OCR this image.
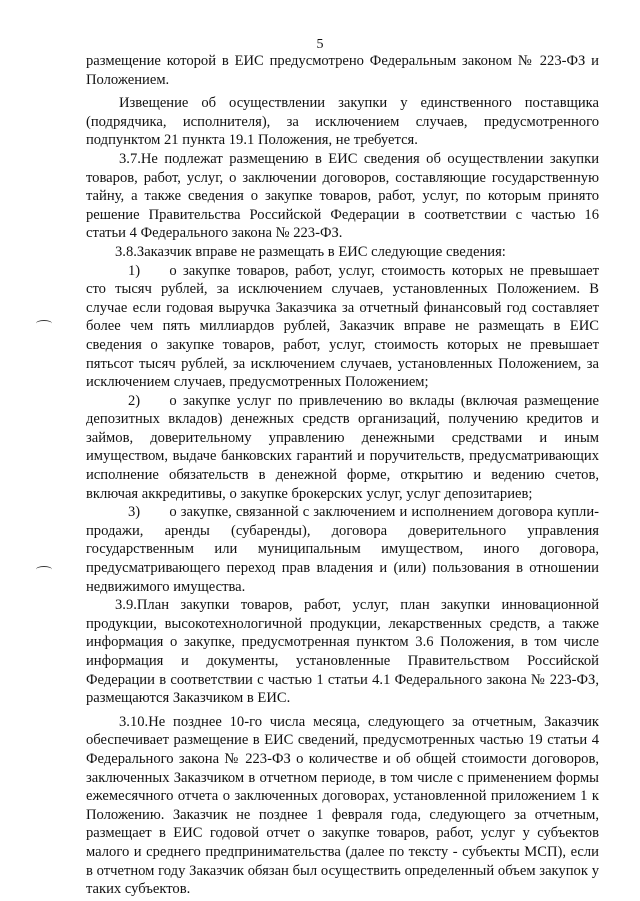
5

размещение которой в ЕИС предусмотрено Федеральным законом № 223-ФЗ и Положением.

Извещение об осуществлении закупки у единственного поставщика (подрядчика, исполнителя), за исключением случаев, предусмотренного подпунктом 21 пункта 19.1 Положения, не требуется.

3.7.Не подлежат размещению в ЕИС сведения об осуществлении закупки товаров, работ, услуг, о заключении договоров, составляющие государственную тайну, а также сведения о закупке товаров, работ, услуг, по которым принято решение Правительства Российской Федерации в соответствии с частью 16 статьи 4 Федерального закона № 223-ФЗ.

3.8.Заказчик вправе не размещать в ЕИС следующие сведения:

1)  о закупке товаров, работ, услуг, стоимость которых не превышает сто тысяч рублей, за исключением случаев, установленных Положением. В случае если годовая выручка Заказчика за отчетный финансовый год составляет более чем пять миллиардов рублей, Заказчик вправе не размещать в ЕИС сведения о закупке товаров, работ, услуг, стоимость которых не превышает пятьсот тысяч рублей, за исключением случаев, установленных Положением, за исключением случаев, предусмотренных Положением;

2)  о закупке услуг по привлечению во вклады (включая размещение депозитных вкладов) денежных средств организаций, получению кредитов и займов, доверительному управлению денежными средствами и иным имуществом, выдаче банковских гарантий и поручительств, предусматривающих исполнение обязательств в денежной форме, открытию и ведению счетов, включая аккредитивы, о закупке брокерских услуг, услуг депозитариев;

3)  о закупке, связанной с заключением и исполнением договора купли-продажи, аренды (субаренды), договора доверительного управления государственным или муниципальным имуществом, иного договора, предусматривающего переход прав владения и (или) пользования в отношении недвижимого имущества.

3.9.План закупки товаров, работ, услуг, план закупки инновационной продукции, высокотехнологичной продукции, лекарственных средств, а также информация о закупке, предусмотренная пунктом 3.6 Положения, в том числе информация и документы, установленные Правительством Российской Федерации в соответствии с частью 1 статьи 4.1 Федерального закона № 223-ФЗ, размещаются Заказчиком в ЕИС.

3.10.Не позднее 10-го числа месяца, следующего за отчетным, Заказчик обеспечивает размещение в ЕИС сведений, предусмотренных частью 19 статьи 4 Федерального закона № 223-ФЗ о количестве и об общей стоимости договоров, заключенных Заказчиком в отчетном периоде, в том числе с применением формы ежемесячного отчета о заключенных договорах, установленной приложением 1 к Положению. Заказчик не позднее 1 февраля года, следующего за отчетным, размещает в ЕИС годовой отчет о закупке товаров, работ, услуг у субъектов малого и среднего предпринимательства (далее по тексту - субъекты МСП), если в отчетном году Заказчик обязан был осуществить определенный объем закупок у таких субъектов.
